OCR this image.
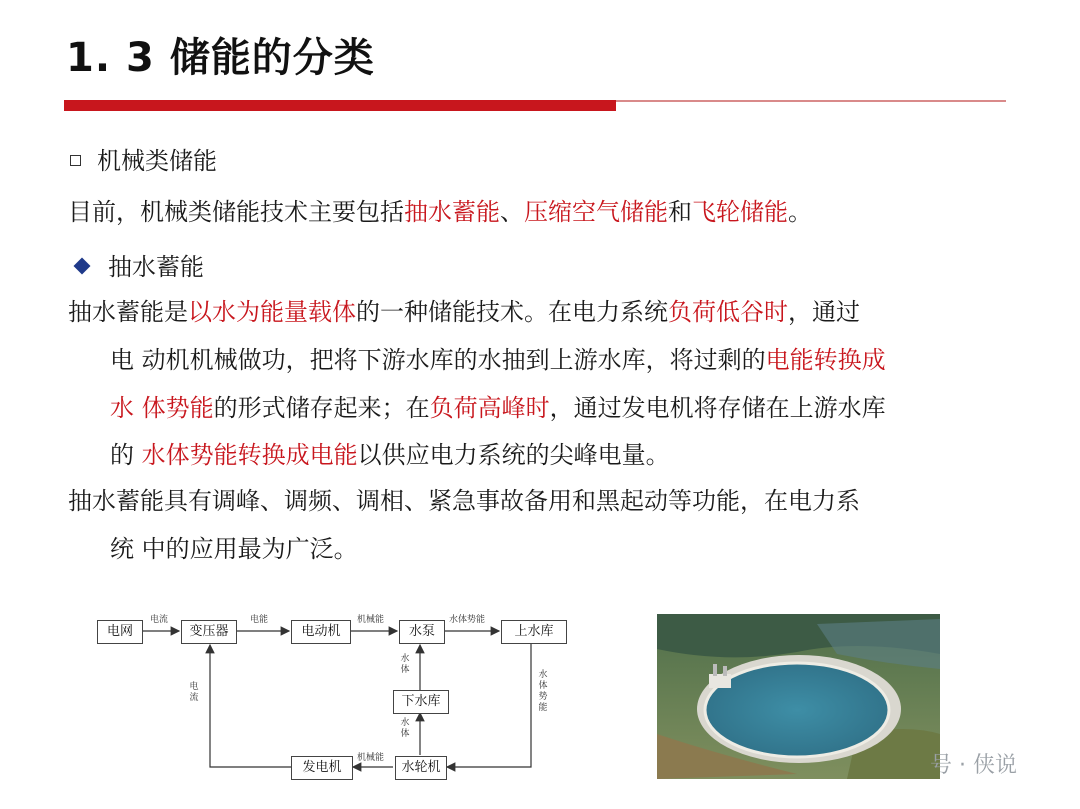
1. 3 储能的分类
机械类储能
目前，机械类储能技术主要包括抽水蓄能、压缩空气储能和飞轮储能。
抽水蓄能
抽水蓄能是以水为能量载体的一种储能技术。在电力系统负荷低谷时，通过
电 动机机械做功，把将下游水库的水抽到上游水库，将过剩的电能转换成
水 体势能的形式储存起来；在负荷高峰时，通过发电机将存储在上游水库
的 水体势能转换成电能以供应电力系统的尖峰电量。
抽水蓄能具有调峰、调频、调相、紧急事故备用和黑起动等功能，在电力系
统 中的应用最为广泛。
电网	变压器	电动机	水泵	上水库
下水库
发电机	水轮机
电流	电能	机械能	水体势能
水体
水体
电流
水体势能
机械能	号 · 侠说
